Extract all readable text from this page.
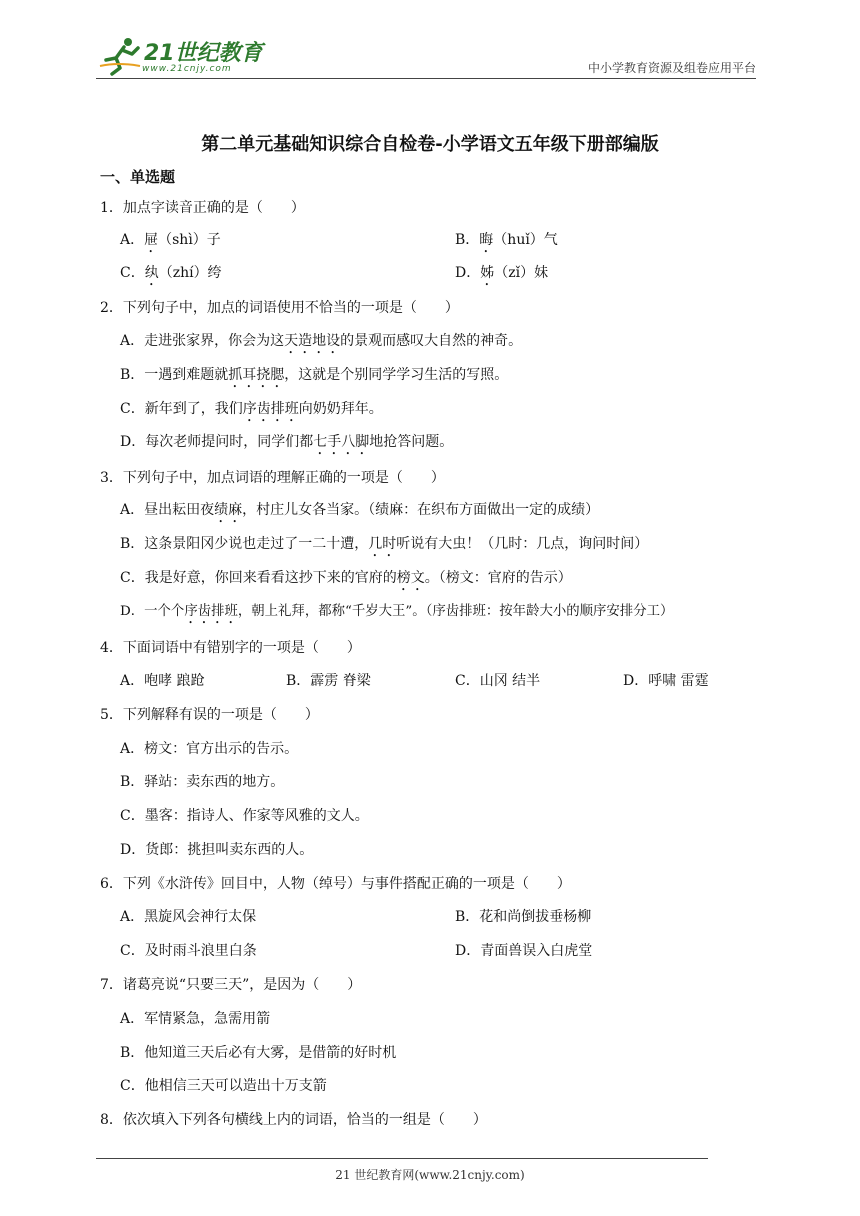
21世纪教育
www.21cnjy.com	中小学教育资源及组卷应用平台
第二单元基础知识综合自检卷-小学语文五年级下册部编版
一、单选题
1．加点字读音正确的是（　　）
A．屉（shì）子	B．晦（huǐ）气
C．纨（zhí）绔	D．姊（zǐ）妹
2．下列句子中，加点的词语使用不恰当的一项是（　　）
A．走进张家界，你会为这天造地设的景观而感叹大自然的神奇。
B．一遇到难题就抓耳挠腮，这就是个别同学学习生活的写照。
C．新年到了，我们序齿排班向奶奶拜年。
D．每次老师提问时，同学们都七手八脚地抢答问题。
3．下列句子中，加点词语的理解正确的一项是（　　）
A．昼出耘田夜绩麻，村庄儿女各当家。（绩麻：在织布方面做出一定的成绩）
B．这条景阳冈少说也走过了一二十遭，几时听说有大虫！（几时：几点，询问时间）
C．我是好意，你回来看看这抄下来的官府的榜文。（榜文：官府的告示）
D．一个个序齿排班，朝上礼拜，都称“千岁大王”。（序齿排班：按年龄大小的顺序安排分工）
4．下面词语中有错别字的一项是（　　）
A．咆哮 踉跄	B．霹雳 脊梁	C．山冈 结半	D．呼啸 雷霆
5．下列解释有误的一项是（　　）
A．榜文：官方出示的告示。
B．驿站：卖东西的地方。
C．墨客：指诗人、作家等风雅的文人。
D．货郎：挑担叫卖东西的人。
6．下列《水浒传》回目中，人物（绰号）与事件搭配正确的一项是（　　）
A．黑旋风会神行太保	B．花和尚倒拔垂杨柳
C．及时雨斗浪里白条	D．青面兽误入白虎堂
7．诸葛亮说“只要三天”，是因为（　　）
A．军情紧急，急需用箭
B．他知道三天后必有大雾，是借箭的好时机
C．他相信三天可以造出十万支箭
8．依次填入下列各句横线上内的词语，恰当的一组是（　　）
21 世纪教育网(www.21cnjy.com)
